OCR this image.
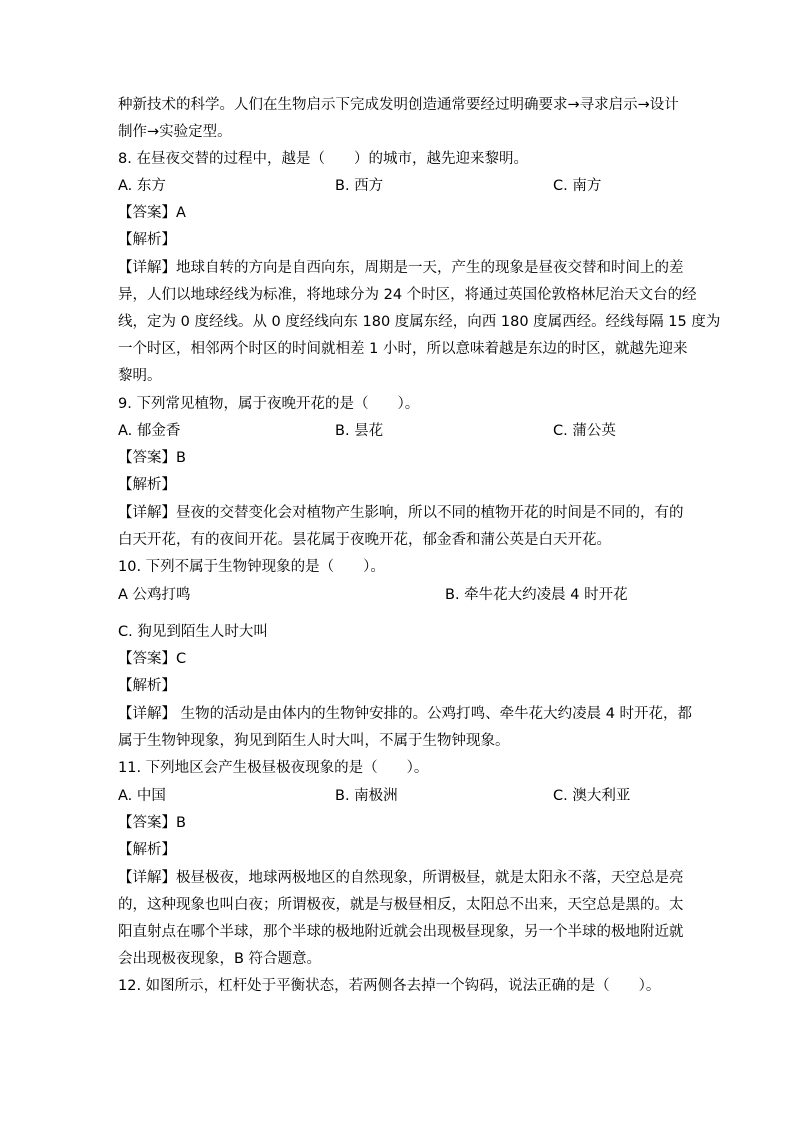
种新技术的科学。人们在生物启示下完成发明创造通常要经过明确要求→寻求启示→设计
制作→实验定型。
8. 在昼夜交替的过程中，越是（　　）的城市，越先迎来黎明。
A. 东方	B. 西方	C. 南方
【答案】A
【解析】
【详解】地球自转的方向是自西向东，周期是一天，产生的现象是昼夜交替和时间上的差
异，人们以地球经线为标准，将地球分为 24 个时区，将通过英国伦敦格林尼治天文台的经
线，定为 0 度经线。从 0 度经线向东 180 度属东经，向西 180 度属西经。经线每隔 15 度为
一个时区，相邻两个时区的时间就相差 1 小时，所以意味着越是东边的时区，就越先迎来
黎明。
9. 下列常见植物，属于夜晚开花的是（　　）。
A. 郁金香	B. 昙花	C. 蒲公英
【答案】B
【解析】
【详解】昼夜的交替变化会对植物产生影响，所以不同的植物开花的时间是不同的，有的
白天开花，有的夜间开花。昙花属于夜晚开花，郁金香和蒲公英是白天开花。
10. 下列不属于生物钟现象的是（　　）。
A 公鸡打鸣	B. 牵牛花大约凌晨 4 时开花
C. 狗见到陌生人时大叫
【答案】C
【解析】
【详解】 生物的活动是由体内的生物钟安排的。公鸡打鸣、牵牛花大约凌晨 4 时开花，都
属于生物钟现象，狗见到陌生人时大叫，不属于生物钟现象。
11. 下列地区会产生极昼极夜现象的是（　　）。
A. 中国	B. 南极洲	C. 澳大利亚
【答案】B
【解析】
【详解】极昼极夜，地球两极地区的自然现象，所谓极昼，就是太阳永不落，天空总是亮
的，这种现象也叫白夜；所谓极夜，就是与极昼相反，太阳总不出来，天空总是黑的。太
阳直射点在哪个半球，那个半球的极地附近就会出现极昼现象，另一个半球的极地附近就
会出现极夜现象，B 符合题意。
12. 如图所示，杠杆处于平衡状态，若两侧各去掉一个钩码，说法正确的是（　　）。
